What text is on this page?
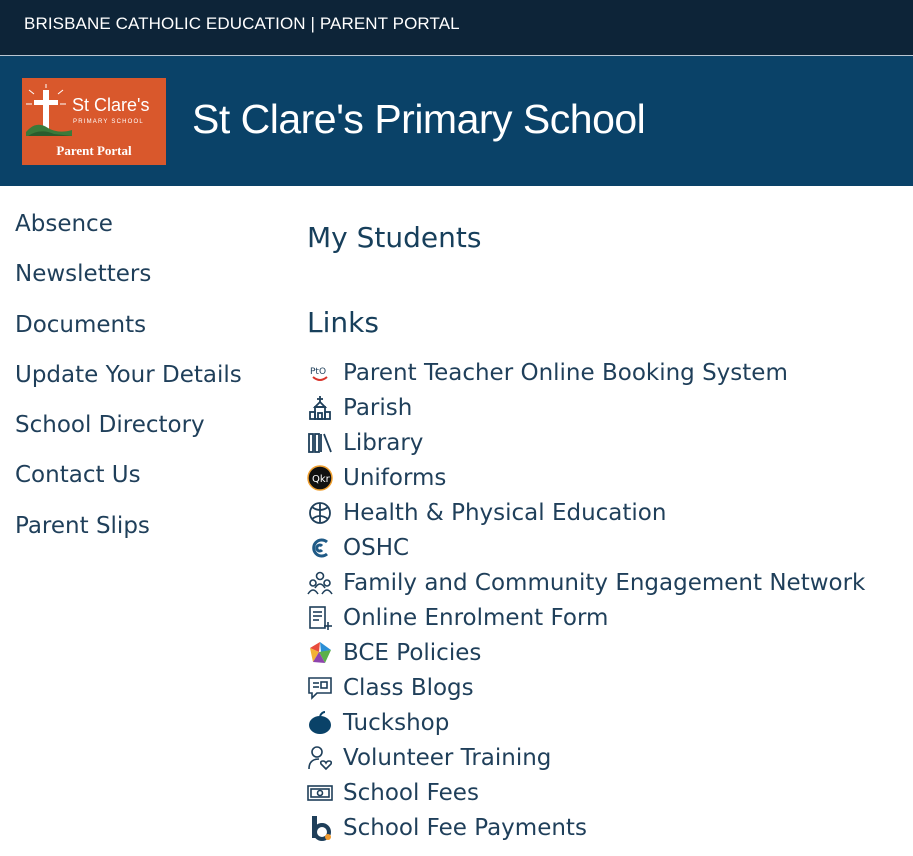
BRISBANE CATHOLIC EDUCATION | PARENT PORTAL
St Clare's
PRIMARY SCHOOL
Parent Portal
St Clare's Primary School
Absence
Newsletters
Documents
Update Your Details
School Directory
Contact Us
Parent Slips
My Students
Links
PtO Parent Teacher Online Booking System
Parish
Library
Qkr Uniforms
Health & Physical Education
OSHC
Family and Community Engagement Network
Online Enrolment Form
BCE Policies
Class Blogs
Tuckshop
Volunteer Training
School Fees
School Fee Payments
